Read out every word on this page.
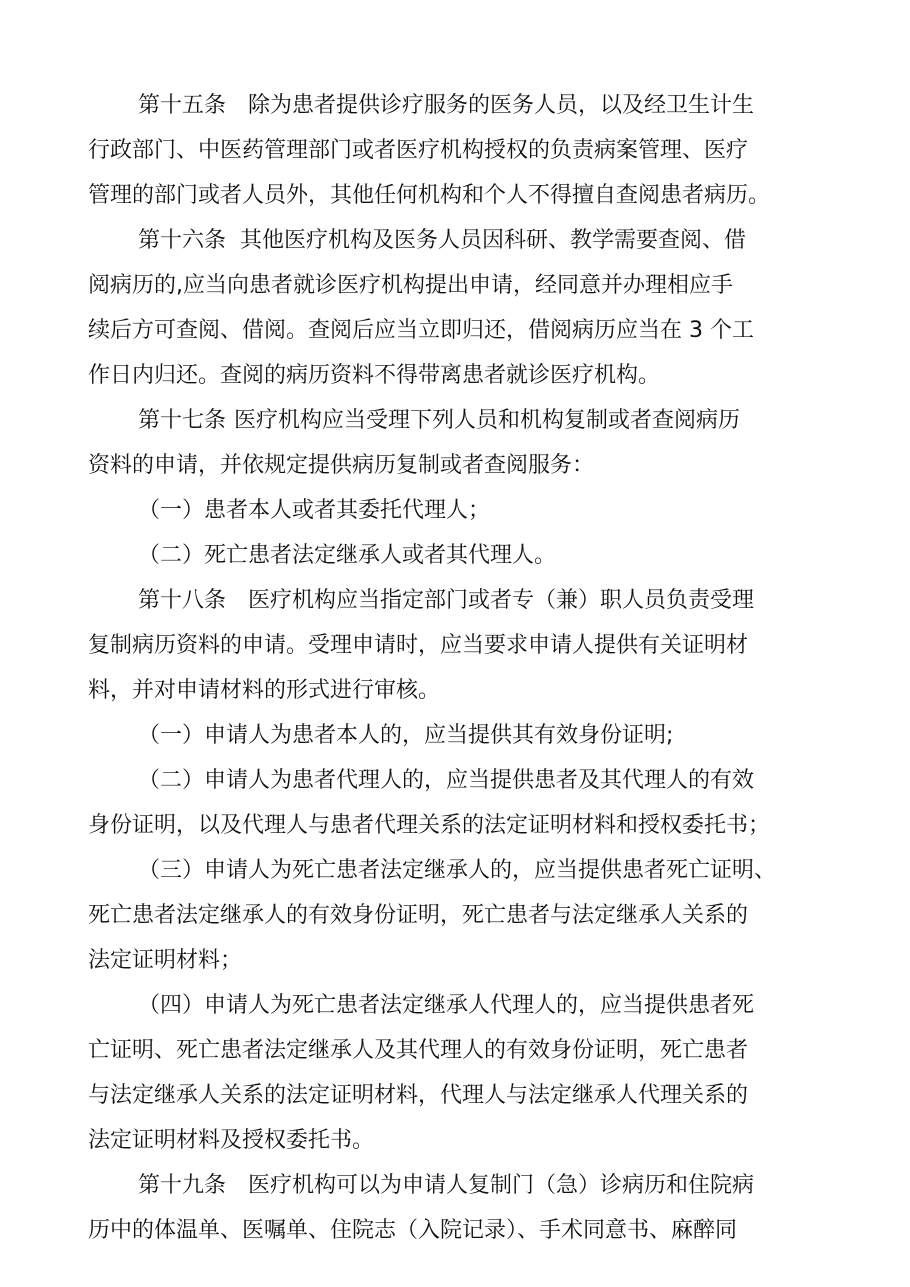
第十五条 除为患者提供诊疗服务的医务人员，以及经卫生计生
行政部门、中医药管理部门或者医疗机构授权的负责病案管理、医疗
管理的部门或者人员外，其他任何机构和个人不得擅自查阅患者病历。
第十六条 其他医疗机构及医务人员因科研、教学需要查阅、借
阅病历的,应当向患者就诊医疗机构提出申请，经同意并办理相应手
续后方可查阅、借阅。查阅后应当立即归还，借阅病历应当在 3 个工
作日内归还。查阅的病历资料不得带离患者就诊医疗机构。
第十七条 医疗机构应当受理下列人员和机构复制或者查阅病历
资料的申请，并依规定提供病历复制或者查阅服务：
（一）患者本人或者其委托代理人；
（二）死亡患者法定继承人或者其代理人。
第十八条 医疗机构应当指定部门或者专（兼）职人员负责受理
复制病历资料的申请。受理申请时，应当要求申请人提供有关证明材
料，并对申请材料的形式进行审核。
（一）申请人为患者本人的，应当提供其有效身份证明;
（二）申请人为患者代理人的，应当提供患者及其代理人的有效
身份证明，以及代理人与患者代理关系的法定证明材料和授权委托书；
（三）申请人为死亡患者法定继承人的，应当提供患者死亡证明、
死亡患者法定继承人的有效身份证明，死亡患者与法定继承人关系的
法定证明材料；
（四）申请人为死亡患者法定继承人代理人的，应当提供患者死
亡证明、死亡患者法定继承人及其代理人的有效身份证明，死亡患者
与法定继承人关系的法定证明材料，代理人与法定继承人代理关系的
法定证明材料及授权委托书。
第十九条 医疗机构可以为申请人复制门（急）诊病历和住院病
历中的体温单、医嘱单、住院志（入院记录）、手术同意书、麻醉同
